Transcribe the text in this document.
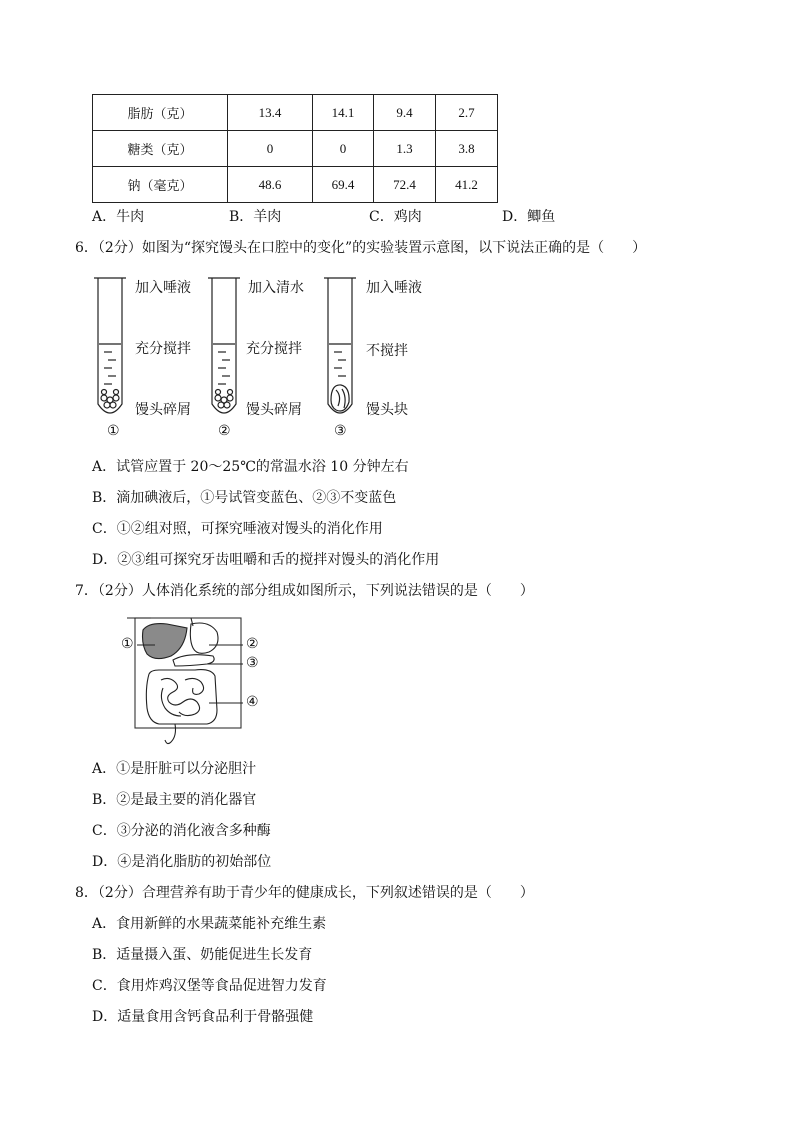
脂肪（克）	13.4	14.1	9.4	2.7
糖类（克）	0	0	1.3	3.8
钠（毫克）	48.6	69.4	72.4	41.2
A．牛肉	B．羊肉	C．鸡肉	D．鲫鱼
6．（2分）如图为“探究馒头在口腔中的变化”的实验装置示意图，以下说法正确的是（　　）
加入唾液
充分搅拌
馒头碎屑
①
加入清水
充分搅拌
馒头碎屑
②
加入唾液
不搅拌
馒头块
③
A．试管应置于 20～25℃的常温水浴 10 分钟左右
B．滴加碘液后，①号试管变蓝色、②③不变蓝色
C．①②组对照，可探究唾液对馒头的消化作用
D．②③组可探究牙齿咀嚼和舌的搅拌对馒头的消化作用
7．（2分）人体消化系统的部分组成如图所示，下列说法错误的是（　　）
①	②
③
④
A．①是肝脏可以分泌胆汁
B．②是最主要的消化器官
C．③分泌的消化液含多种酶
D．④是消化脂肪的初始部位
8．（2分）合理营养有助于青少年的健康成长，下列叙述错误的是（　　）
A．食用新鲜的水果蔬菜能补充维生素
B．适量摄入蛋、奶能促进生长发育
C．食用炸鸡汉堡等食品促进智力发育
D．适量食用含钙食品利于骨骼强健
